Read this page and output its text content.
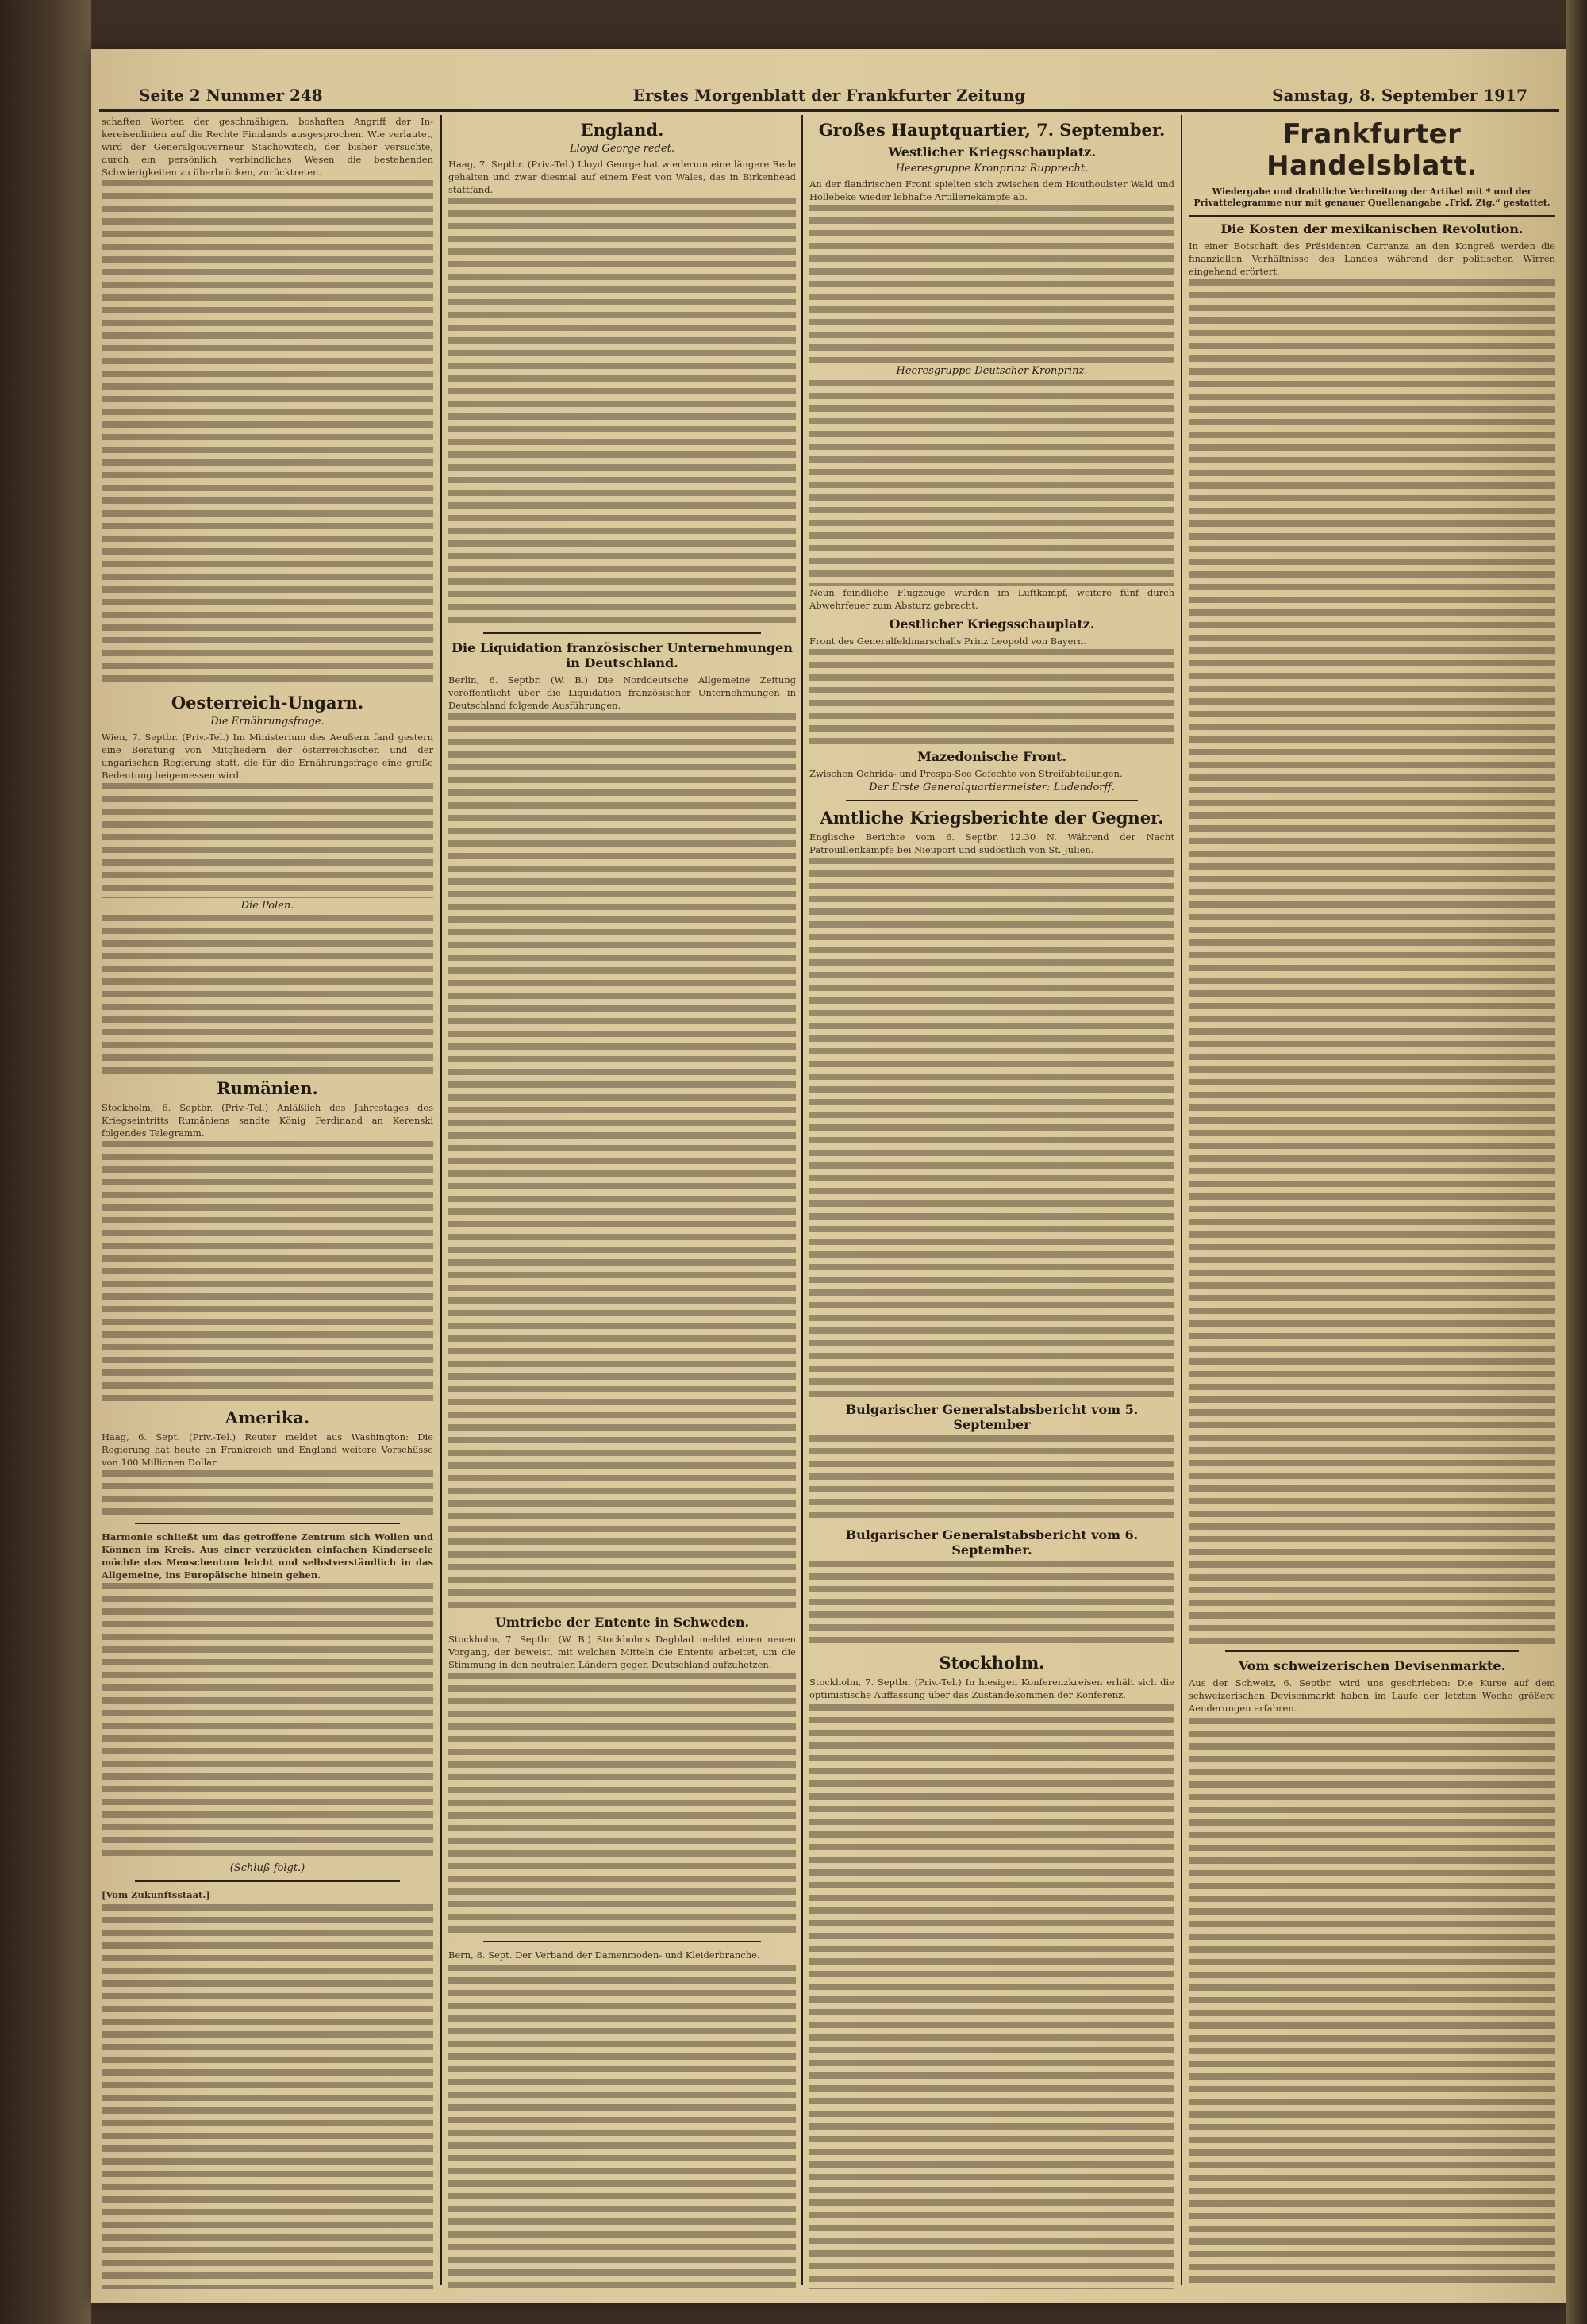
Seite 2 Nummer 248	Erstes Morgenblatt der Frankfurter Zeitung	Samstag, 8. September 1917

schaften Worten der geschmähigen, boshaften Angriff der In-kereisenlinien auf die Rechte Finnlands ausgesprochen. Wie verlautet, wird der Generalgouverneur Stachowitsch, der bisher versuchte, durch ein persönlich verbindliches Wesen die bestehenden Schwierigkeiten zu überbrücken, zurücktreten.

Oesterreich-Ungarn.
Die Ernährungsfrage.

Wien, 7. Septbr. (Priv.-Tel.) Im Ministerium des Aeußern fand gestern eine Beratung von Mitgliedern der österreichischen und der ungarischen Regierung statt, die für die Ernährungsfrage eine große Bedeutung beigemessen wird.

Die Polen.
Rumänien.

Stockholm, 6. Septbr. (Priv.-Tel.) Anläßlich des Jahrestages des Kriegseintritts Rumäniens sandte König Ferdinand an Kerenski folgendes Telegramm.

Amerika.

Haag, 6. Sept. (Priv.-Tel.) Reuter meldet aus Washington: Die Regierung hat heute an Frankreich und England weitere Vorschüsse von 100 Millionen Dollar.

Harmonie schließt um das getroffene Zentrum sich Wollen und Können im Kreis. Aus einer verzückten einfachen Kinderseele möchte das Menschentum leicht und selbstverständlich in das Allgemeine, ins Europäische hinein gehen.

(Schluß folgt.)

[Vom Zukunftsstaat.]

England.
Lloyd George redet.

Haag, 7. Septbr. (Priv.-Tel.) Lloyd George hat wiederum eine längere Rede gehalten und zwar diesmal auf einem Fest von Wales, das in Birkenhead stattfand.

Die Liquidation französischer Unternehmungen in Deutschland.

Berlin, 6. Septbr. (W. B.) Die Norddeutsche Allgemeine Zeitung veröffentlicht über die Liquidation französischer Unternehmungen in Deutschland folgende Ausführungen.

Umtriebe der Entente in Schweden.

Stockholm, 7. Septbr. (W. B.) Stockholms Dagblad meldet einen neuen Vorgang, der beweist, mit welchen Mitteln die Entente arbeitet, um die Stimmung in den neutralen Ländern gegen Deutschland aufzuhetzen.

Bern, 8. Sept. Der Verband der Damenmoden- und Kleiderbranche.

Großes Hauptquartier, 7. September.
Westlicher Kriegsschauplatz.
Heeresgruppe Kronprinz Rupprecht.

An der flandrischen Front spielten sich zwischen dem Houthoulster Wald und Hollebeke wieder lebhafte Artilleriekämpfe ab.

Heeresgruppe Deutscher Kronprinz.

Neun feindliche Flugzeuge wurden im Luftkampf, weitere fünf durch Abwehrfeuer zum Absturz gebracht.

Oestlicher Kriegsschauplatz.

Front des Generalfeldmarschalls Prinz Leopold von Bayern.

Mazedonische Front.

Zwischen Ochrida- und Prespa-See Gefechte von Streifabteilungen.

Der Erste Generalquartiermeister: Ludendorff.
Amtliche Kriegsberichte der Gegner.

Englische Berichte vom 6. Septbr. 12.30 N. Während der Nacht Patrouillenkämpfe bei Nieuport und südöstlich von St. Julien.

Bulgarischer Generalstabsbericht vom 5. September
Bulgarischer Generalstabsbericht vom 6. September.
Stockholm.

Stockholm, 7. Septbr. (Priv.-Tel.) In hiesigen Konferenzkreisen erhält sich die optimistische Auffassung über das Zustandekommen der Konferenz.

Frankfurter Handelsblatt.
Wiedergabe und drahtliche Verbreitung der Artikel mit * und der Privattelegramme nur mit genauer Quellenangabe „Frkf. Ztg.“ gestattet.
Die Kosten der mexikanischen Revolution.

In einer Botschaft des Präsidenten Carranza an den Kongreß werden die finanziellen Verhältnisse des Landes während der politischen Wirren eingehend erörtert.

Vom schweizerischen Devisenmarkte.

Aus der Schweiz, 6. Septbr. wird uns geschrieben: Die Kurse auf dem schweizerischen Devisenmarkt haben im Laufe der letzten Woche größere Aenderungen erfahren.
